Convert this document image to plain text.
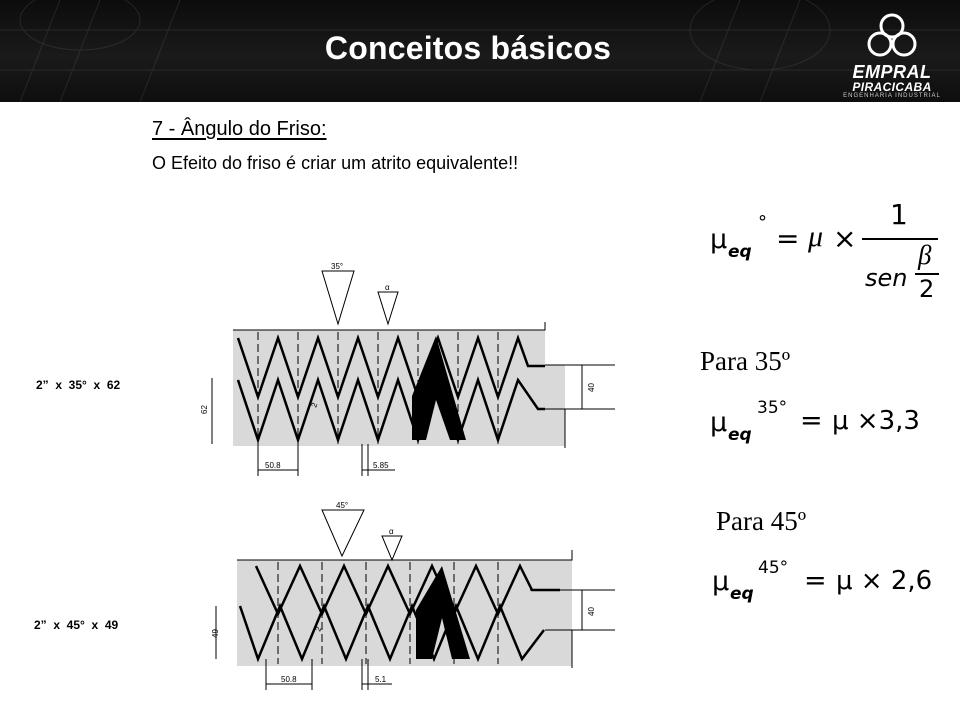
Conceitos básicos
EMPRAL
PIRACICABA
ENGENHARIA INDUSTRIAL
7 - Ângulo do Friso:
O Efeito do friso é criar um atrito equivalente!!
μ eq
° = μ ×
1
sen
β
2
Para 35º
μ eq
35° = μ ×3,3
Para 45º
μ eq
45° = μ × 2,6
2”  x  35°  x  62
2”  x  45°  x  49
35°
α
62
40
50.8	5.85
2
45°
α
49
40
50.8	5.1
2
